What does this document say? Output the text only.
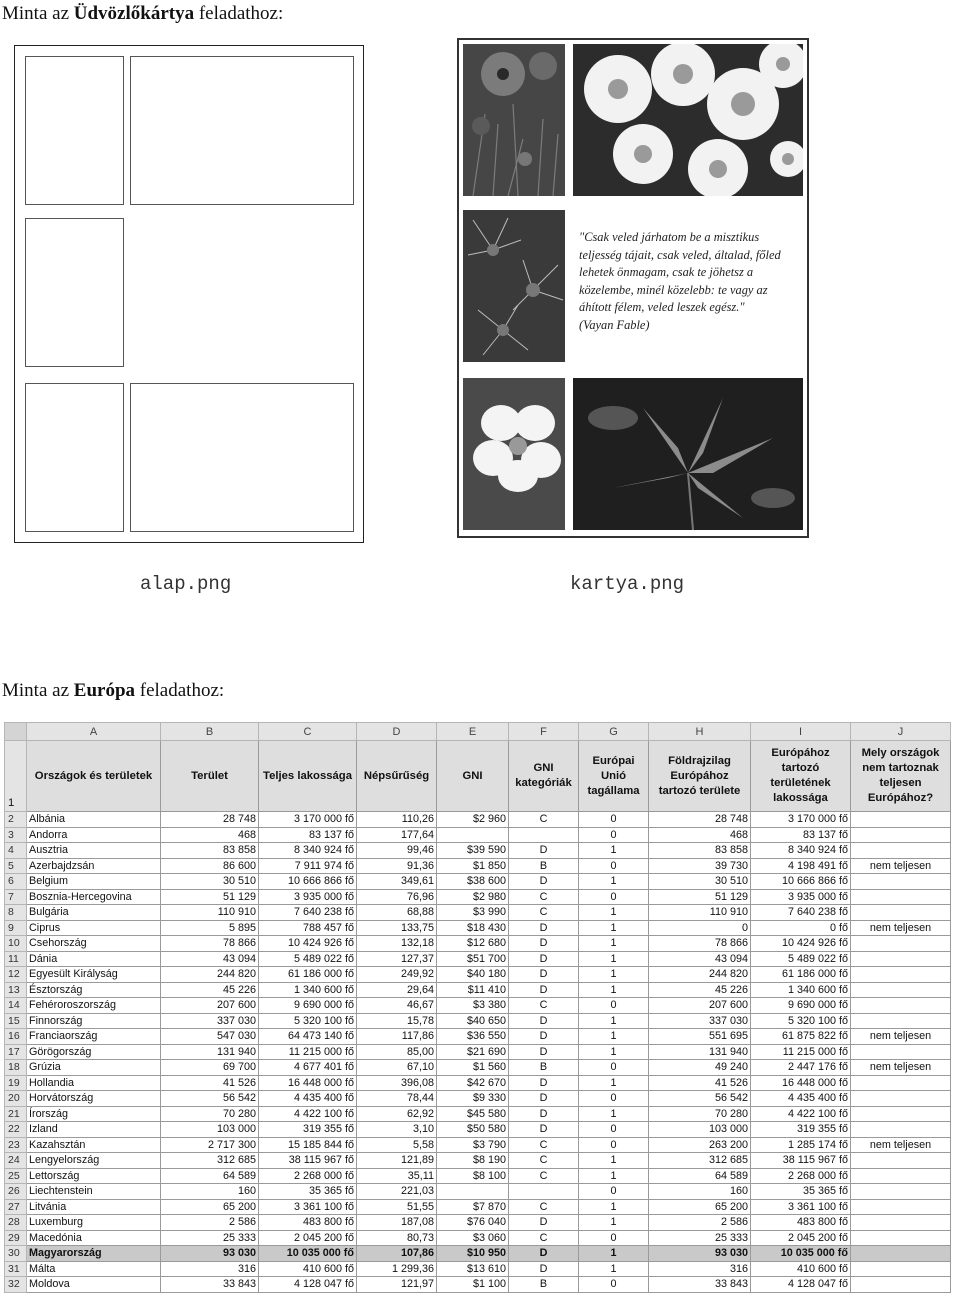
Minta az Üdvözlőkártya feladathoz:
"Csak veled járhatom be a misztikus teljesség tájait, csak veled, általad, főled lehetek önmagam, csak te jöhetsz a közelembe, minél közelebb: te vagy az áhított félem, veled leszek egész."
(Vayan Fable)
alap.png	kartya.png
Minta az Európa feladathoz:
	A	B	C	D	E	F	G	H	I	J
1	Országok és területek	Terület	Teljes lakossága	Népsűrűség	GNI	GNI kategóriák	Európai Unió tagállama	Földrajzilag Európához tartozó területe	Európához tartozó területének lakossága	Mely országok nem tartoznak teljesen Európához?
2	Albánia	28 748	3 170 000 fő	110,26	$2 960	C	0	28 748	3 170 000 fő	
3	Andorra	468	83 137 fő	177,64			0	468	83 137 fő	
4	Ausztria	83 858	8 340 924 fő	99,46	$39 590	D	1	83 858	8 340 924 fő	
5	Azerbajdzsán	86 600	7 911 974 fő	91,36	$1 850	B	0	39 730	4 198 491 fő	nem teljesen
6	Belgium	30 510	10 666 866 fő	349,61	$38 600	D	1	30 510	10 666 866 fő	
7	Bosznia-Hercegovina	51 129	3 935 000 fő	76,96	$2 980	C	0	51 129	3 935 000 fő	
8	Bulgária	110 910	7 640 238 fő	68,88	$3 990	C	1	110 910	7 640 238 fő	
9	Ciprus	5 895	788 457 fő	133,75	$18 430	D	1	0	0 fő	nem teljesen
10	Csehország	78 866	10 424 926 fő	132,18	$12 680	D	1	78 866	10 424 926 fő	
11	Dánia	43 094	5 489 022 fő	127,37	$51 700	D	1	43 094	5 489 022 fő	
12	Egyesült Királyság	244 820	61 186 000 fő	249,92	$40 180	D	1	244 820	61 186 000 fő	
13	Észtország	45 226	1 340 600 fő	29,64	$11 410	D	1	45 226	1 340 600 fő	
14	Fehéroroszország	207 600	9 690 000 fő	46,67	$3 380	C	0	207 600	9 690 000 fő	
15	Finnország	337 030	5 320 100 fő	15,78	$40 650	D	1	337 030	5 320 100 fő	
16	Franciaország	547 030	64 473 140 fő	117,86	$36 550	D	1	551 695	61 875 822 fő	nem teljesen
17	Görögország	131 940	11 215 000 fő	85,00	$21 690	D	1	131 940	11 215 000 fő	
18	Grúzia	69 700	4 677 401 fő	67,10	$1 560	B	0	49 240	2 447 176 fő	nem teljesen
19	Hollandia	41 526	16 448 000 fő	396,08	$42 670	D	1	41 526	16 448 000 fő	
20	Horvátország	56 542	4 435 400 fő	78,44	$9 330	D	0	56 542	4 435 400 fő	
21	Írország	70 280	4 422 100 fő	62,92	$45 580	D	1	70 280	4 422 100 fő	
22	Izland	103 000	319 355 fő	3,10	$50 580	D	0	103 000	319 355 fő	
23	Kazahsztán	2 717 300	15 185 844 fő	5,58	$3 790	C	0	263 200	1 285 174 fő	nem teljesen
24	Lengyelország	312 685	38 115 967 fő	121,89	$8 190	C	1	312 685	38 115 967 fő	
25	Lettország	64 589	2 268 000 fő	35,11	$8 100	C	1	64 589	2 268 000 fő	
26	Liechtenstein	160	35 365 fő	221,03			0	160	35 365 fő	
27	Litvánia	65 200	3 361 100 fő	51,55	$7 870	C	1	65 200	3 361 100 fő	
28	Luxemburg	2 586	483 800 fő	187,08	$76 040	D	1	2 586	483 800 fő	
29	Macedónia	25 333	2 045 200 fő	80,73	$3 060	C	0	25 333	2 045 200 fő	
30	Magyarország	93 030	10 035 000 fő	107,86	$10 950	D	1	93 030	10 035 000 fő	
31	Málta	316	410 600 fő	1 299,36	$13 610	D	1	316	410 600 fő	
32	Moldova	33 843	4 128 047 fő	121,97	$1 100	B	0	33 843	4 128 047 fő	
